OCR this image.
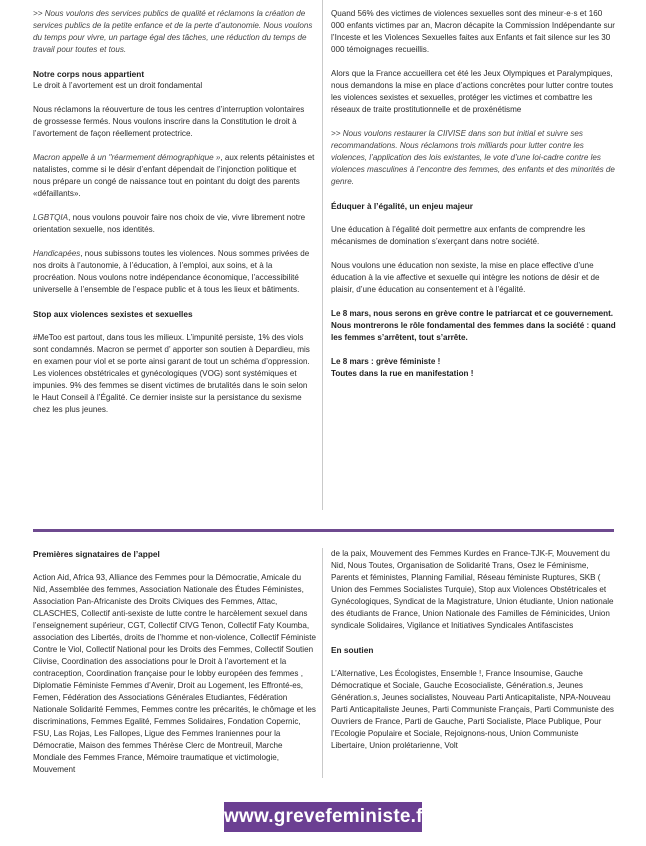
>> Nous voulons des services publics de qualité et réclamons la création de services publics de la petite enfance et de la perte d’autonomie. Nous voulons du temps pour vivre, un partage égal des tâches, une réduction du temps de travail pour toutes et tous.

Notre corps nous appartient

Le droit à l’avortement est un droit fondamental

Nous réclamons la réouverture de tous les centres d’interruption volontaires de grossesse fermés. Nous voulons inscrire dans la Constitution le droit à l’avortement de façon réellement protectrice.

Macron appelle à un "réarmement démographique », aux relents pétainistes et natalistes, comme si le désir d’enfant dépendait de l’injonction politique et nous prépare un congé de naissance tout en pointant du doigt des parents «défaillants».

LGBTQIA, nous voulons pouvoir faire nos choix de vie, vivre librement notre orientation sexuelle, nos identités.

Handicapées, nous subissons toutes les violences. Nous sommes privées de nos droits à l’autonomie, à l’éducation, à l’emploi, aux soins, et à la procréation. Nous voulons notre indépendance économique, l’accessibilité universelle à l’ensemble de l’espace public et à tous les lieux et bâtiments.

Stop aux violences sexistes et sexuelles

#MeToo est partout, dans tous les milieux. L’impunité persiste, 1% des viols sont condamnés. Macron se permet d’ apporter son soutien à Depardieu, mis en examen pour viol et se porte ainsi garant de tout un schéma d’oppression. Les violences obstétricales et gynécologiques (VOG) sont systémiques et impunies. 9% des femmes se disent victimes de brutalités dans le soin selon le Haut Conseil à l’Égalité. Ce dernier insiste sur la persistance du sexisme chez les plus jeunes.

Quand 56% des victimes de violences sexuelles sont des mineur·e·s et 160 000 enfants victimes par an, Macron décapite la Commission Indépendante sur l’Inceste et les Violences Sexuelles faites aux Enfants et fait silence sur les 30 000 témoignages recueillis.

Alors que la France accueillera cet été les Jeux Olympiques et Paralympiques, nous demandons la mise en place d’actions concrètes pour lutter contre toutes les violences sexistes et sexuelles, protéger les victimes et combattre les réseaux de traite prostitutionnelle et de proxénétisme

>> Nous voulons restaurer la CIIVISE dans son but initial et suivre ses recommandations. Nous réclamons trois milliards pour lutter contre les violences, l’application des lois existantes, le vote d’une loi-cadre contre les violences masculines à l’encontre des femmes, des enfants et des minorités de genre.

Éduquer à l’égalité, un enjeu majeur

Une éducation à l’égalité doit permettre aux enfants de comprendre les mécanismes de domination s’exerçant dans notre société.

Nous voulons une éducation non sexiste, la mise en place effective d’une éducation à la vie affective et sexuelle qui intègre les notions de désir et de plaisir, d’une éducation au consentement et à l’égalité.

Le 8 mars, nous serons en grève contre le patriarcat et ce gouvernement. Nous montrerons le rôle fondamental des femmes dans la société : quand les femmes s’arrêtent, tout s’arrête.

Le 8 mars : grève féministe !
Toutes dans la rue en manifestation !
Premières signataires de l’appel

Action Aid, Africa 93, Alliance des Femmes pour la Démocratie, Amicale du Nid, Assemblée des femmes, Association Nationale des Études Féministes, Association Pan-Africaniste des Droits Civiques des Femmes, Attac, CLASCHES, Collectif anti-sexiste de lutte contre le harcèlement sexuel dans l’enseignement supérieur, CGT, Collectif CIVG Tenon, Collectif Faty Koumba, association des Libertés, droits de l’homme et non-violence, Collectif Féministe Contre le Viol, Collectif National pour les Droits des Femmes, Collectif Soutien Ciivise, Coordination des associations pour le Droit à l’avortement et la contraception, Coordination française pour le lobby européen des femmes , Diplomatie Féministe Femmes d’Avenir, Droit au Logement, les Effronté-es, Femen, Fédération des Associations Générales Etudiantes, Fédération Nationale Solidarité Femmes, Femmes contre les précarités, le chômage et les discriminations, Femmes Egalité, Femmes Solidaires, Fondation Copernic, FSU, Las Rojas, Les Fallopes, Ligue des Femmes Iraniennes pour la Démocratie, Maison des femmes Thérèse Clerc de Montreuil, Marche Mondiale des Femmes France, Mémoire traumatique et victimologie, Mouvement

de la paix, Mouvement des Femmes Kurdes en France-TJK-F, Mouvement du Nid, Nous Toutes, Organisation de Solidarité Trans, Osez le Féminisme, Parents et féministes, Planning Familial, Réseau féministe Ruptures, SKB ( Union des Femmes Socialistes Turquie), Stop aux Violences Obstétricales et Gynécologiques, Syndicat de la Magistrature, Union étudiante, Union nationale des étudiants de France, Union Nationale des Familles de Féminicides, Union syndicale Solidaires, Vigilance et Initiatives Syndicales Antifascistes

En soutien

L’Alternative, Les Écologistes, Ensemble !, France Insoumise, Gauche Démocratique et Sociale, Gauche Ecosocialiste, Génération.s, Jeunes Génération.s, Jeunes socialistes, Nouveau Parti Anticapitaliste, NPA-Nouveau Parti Anticapitaliste Jeunes, Parti Communiste Français, Parti Communiste des Ouvriers de France, Parti de Gauche, Parti Socialiste, Place Publique, Pour l’Ecologie Populaire et Sociale, Rejoignons-nous, Union Communiste Libertaire, Union prolétarienne, Volt

www.grevefeministe.fr
